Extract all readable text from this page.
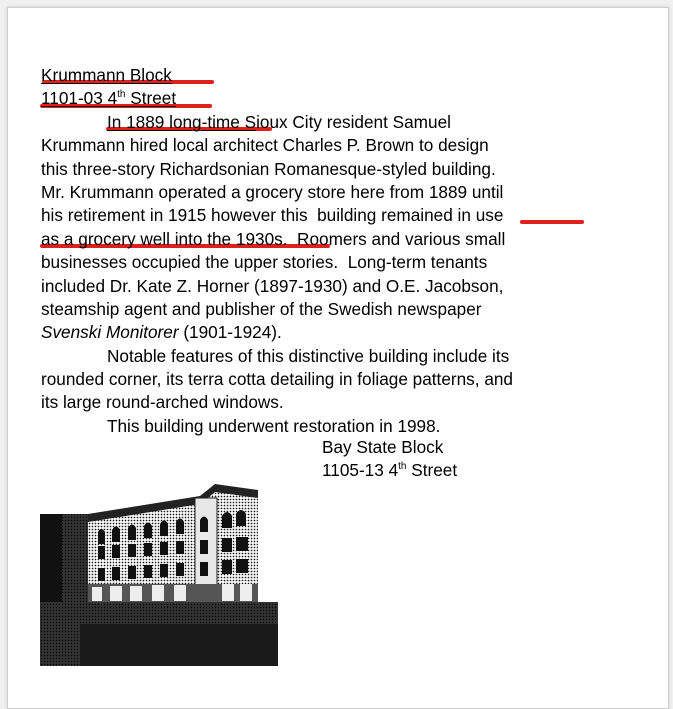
Krummann Block
1101-03 4th Street
In 1889 long-time Sioux City resident Samuel
Krummann hired local architect Charles P. Brown to design
this three-story Richardsonian Romanesque-styled building.
Mr. Krummann operated a grocery store here from 1889 until
his retirement in 1915 however this  building remained in use
as a grocery well into the 1930s.  Roomers and various small
businesses occupied the upper stories.  Long-term tenants
included Dr. Kate Z. Horner (1897-1930) and O.E. Jacobson,
steamship agent and publisher of the Swedish newspaper
Svenski Monitorer (1901-1924).
Notable features of this distinctive building include its
rounded corner, its terra cotta detailing in foliage patterns, and
its large round-arched windows.
This building underwent restoration in 1998.
Bay State Block
1105-13 4th Street
